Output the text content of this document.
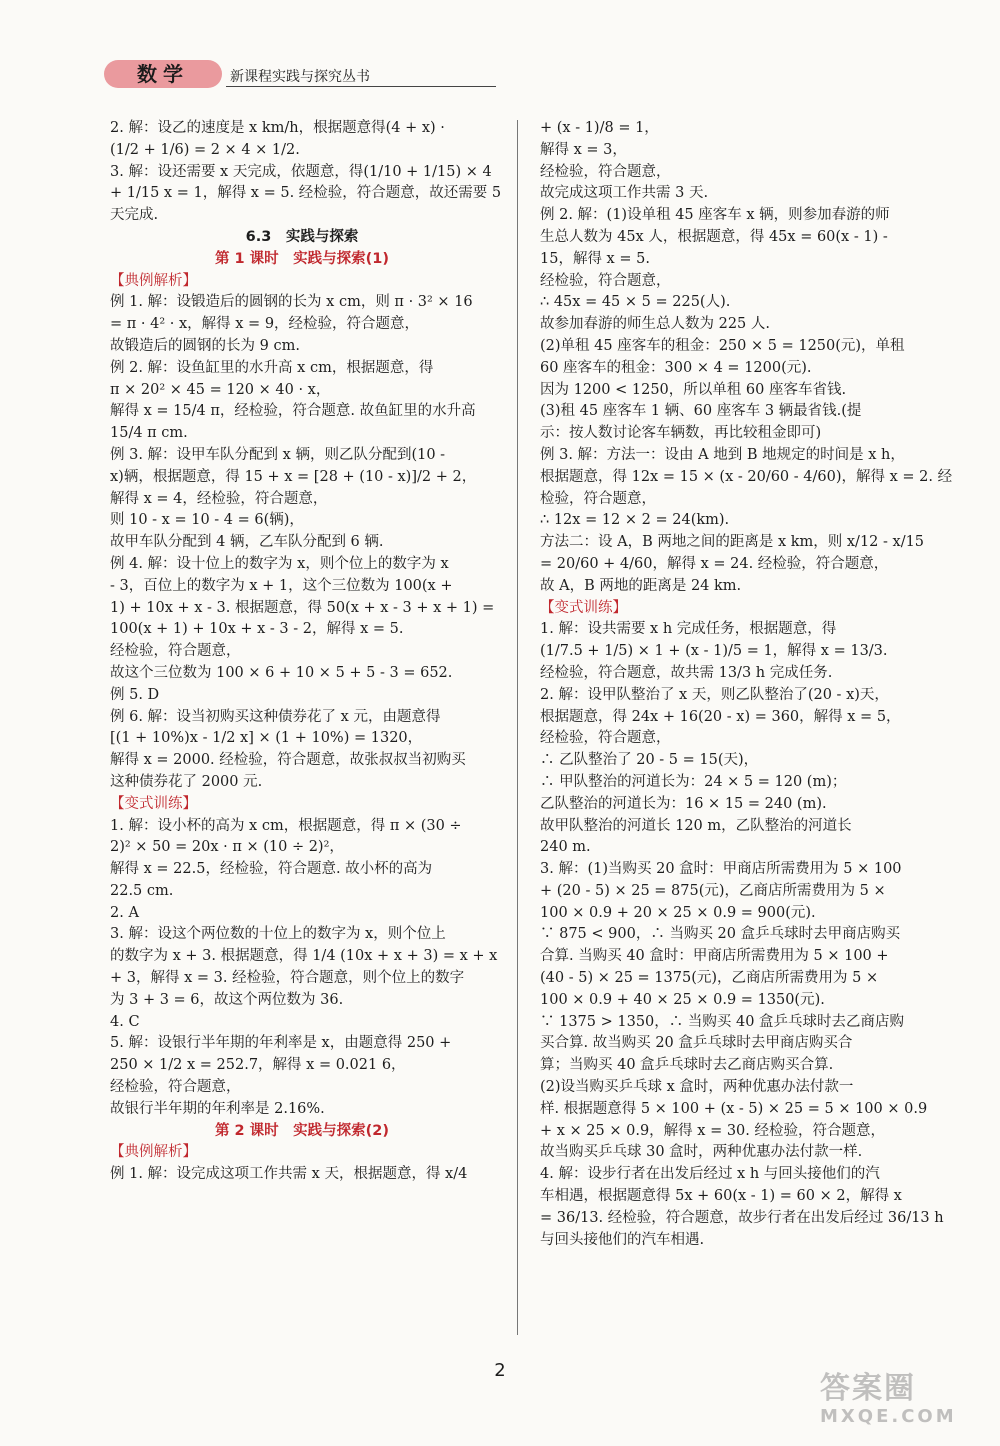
数学	新课程实践与探究丛书
2. 解：设乙的速度是 x km/h，根据题意得(4 + x) ·
(1/2 + 1/6) = 2 × 4 × 1/2.
3. 解：设还需要 x 天完成，依题意，得(1/10 + 1/15) × 4
+ 1/15 x = 1，解得 x = 5. 经检验，符合题意，故还需要 5
天完成.
6.3　实践与探索
第 1 课时　实践与探索(1)
【典例解析】
例 1. 解：设锻造后的圆钢的长为 x cm，则 π · 3² × 16
= π · 4² · x，解得 x = 9，经检验，符合题意，
故锻造后的圆钢的长为 9 cm.
例 2. 解：设鱼缸里的水升高 x cm，根据题意，得
π × 20² × 45 = 120 × 40 · x，
解得 x = 15/4 π，经检验，符合题意. 故鱼缸里的水升高
15/4 π cm.
例 3. 解：设甲车队分配到 x 辆，则乙队分配到(10 -
x)辆，根据题意，得 15 + x = [28 + (10 - x)]/2 + 2，
解得 x = 4，经检验，符合题意，
则 10 - x = 10 - 4 = 6(辆)，
故甲车队分配到 4 辆，乙车队分配到 6 辆.
例 4. 解：设十位上的数字为 x，则个位上的数字为 x
- 3，百位上的数字为 x + 1，这个三位数为 100(x +
1) + 10x + x - 3. 根据题意，得 50(x + x - 3 + x + 1) =
100(x + 1) + 10x + x - 3 - 2，解得 x = 5.
经检验，符合题意，
故这个三位数为 100 × 6 + 10 × 5 + 5 - 3 = 652.
例 5. D
例 6. 解：设当初购买这种债券花了 x 元，由题意得
[(1 + 10%)x - 1/2 x] × (1 + 10%) = 1320，
解得 x = 2000. 经检验，符合题意，故张叔叔当初购买
这种债券花了 2000 元.
【变式训练】
1. 解：设小杯的高为 x cm，根据题意，得 π × (30 ÷
2)² × 50 = 20x · π × (10 ÷ 2)²，
解得 x = 22.5，经检验，符合题意. 故小杯的高为
22.5 cm.
2. A
3. 解：设这个两位数的十位上的数字为 x，则个位上
的数字为 x + 3. 根据题意，得 1/4 (10x + x + 3) = x + x
+ 3，解得 x = 3. 经检验，符合题意，则个位上的数字
为 3 + 3 = 6，故这个两位数为 36.
4. C
5. 解：设银行半年期的年利率是 x，由题意得 250 +
250 × 1/2 x = 252.7，解得 x = 0.021 6，
经检验，符合题意，
故银行半年期的年利率是 2.16%.
第 2 课时　实践与探索(2)
【典例解析】
例 1. 解：设完成这项工作共需 x 天，根据题意，得 x/4
+ (x - 1)/8 = 1，
解得 x = 3，
经检验，符合题意，
故完成这项工作共需 3 天.
例 2. 解：(1)设单租 45 座客车 x 辆，则参加春游的师
生总人数为 45x 人，根据题意，得 45x = 60(x - 1) -
15，解得 x = 5.
经检验，符合题意，
∴ 45x = 45 × 5 = 225(人).
故参加春游的师生总人数为 225 人.
(2)单租 45 座客车的租金：250 × 5 = 1250(元)，单租
60 座客车的租金：300 × 4 = 1200(元).
因为 1200 < 1250，所以单租 60 座客车省钱.
(3)租 45 座客车 1 辆、60 座客车 3 辆最省钱.(提
示：按人数讨论客车辆数，再比较租金即可)
例 3. 解：方法一：设由 A 地到 B 地规定的时间是 x h，
根据题意，得 12x = 15 × (x - 20/60 - 4/60)，解得 x = 2. 经
检验，符合题意，
∴ 12x = 12 × 2 = 24(km).
方法二：设 A，B 两地之间的距离是 x km，则 x/12 - x/15
= 20/60 + 4/60，解得 x = 24. 经检验，符合题意，
故 A，B 两地的距离是 24 km.
【变式训练】
1. 解：设共需要 x h 完成任务，根据题意，得
(1/7.5 + 1/5) × 1 + (x - 1)/5 = 1，解得 x = 13/3.
经检验，符合题意，故共需 13/3 h 完成任务.
2. 解：设甲队整治了 x 天，则乙队整治了(20 - x)天，
根据题意，得 24x + 16(20 - x) = 360，解得 x = 5，
经检验，符合题意，
∴ 乙队整治了 20 - 5 = 15(天)，
∴ 甲队整治的河道长为：24 × 5 = 120 (m)；
乙队整治的河道长为：16 × 15 = 240 (m).
故甲队整治的河道长 120 m，乙队整治的河道长
240 m.
3. 解：(1)当购买 20 盒时：甲商店所需费用为 5 × 100
+ (20 - 5) × 25 = 875(元)，乙商店所需费用为 5 ×
100 × 0.9 + 20 × 25 × 0.9 = 900(元).
∵ 875 < 900，∴ 当购买 20 盒乒乓球时去甲商店购买
合算. 当购买 40 盒时：甲商店所需费用为 5 × 100 +
(40 - 5) × 25 = 1375(元)，乙商店所需费用为 5 ×
100 × 0.9 + 40 × 25 × 0.9 = 1350(元).
∵ 1375 > 1350，∴ 当购买 40 盒乒乓球时去乙商店购
买合算. 故当购买 20 盒乒乓球时去甲商店购买合
算；当购买 40 盒乒乓球时去乙商店购买合算.
(2)设当购买乒乓球 x 盒时，两种优惠办法付款一
样. 根据题意得 5 × 100 + (x - 5) × 25 = 5 × 100 × 0.9
+ x × 25 × 0.9，解得 x = 30. 经检验，符合题意，
故当购买乒乓球 30 盒时，两种优惠办法付款一样.
4. 解：设步行者在出发后经过 x h 与回头接他们的汽
车相遇，根据题意得 5x + 60(x - 1) = 60 × 2，解得 x
= 36/13. 经检验，符合题意，故步行者在出发后经过 36/13 h
与回头接他们的汽车相遇.
2
答案圈
MXQE.COM
